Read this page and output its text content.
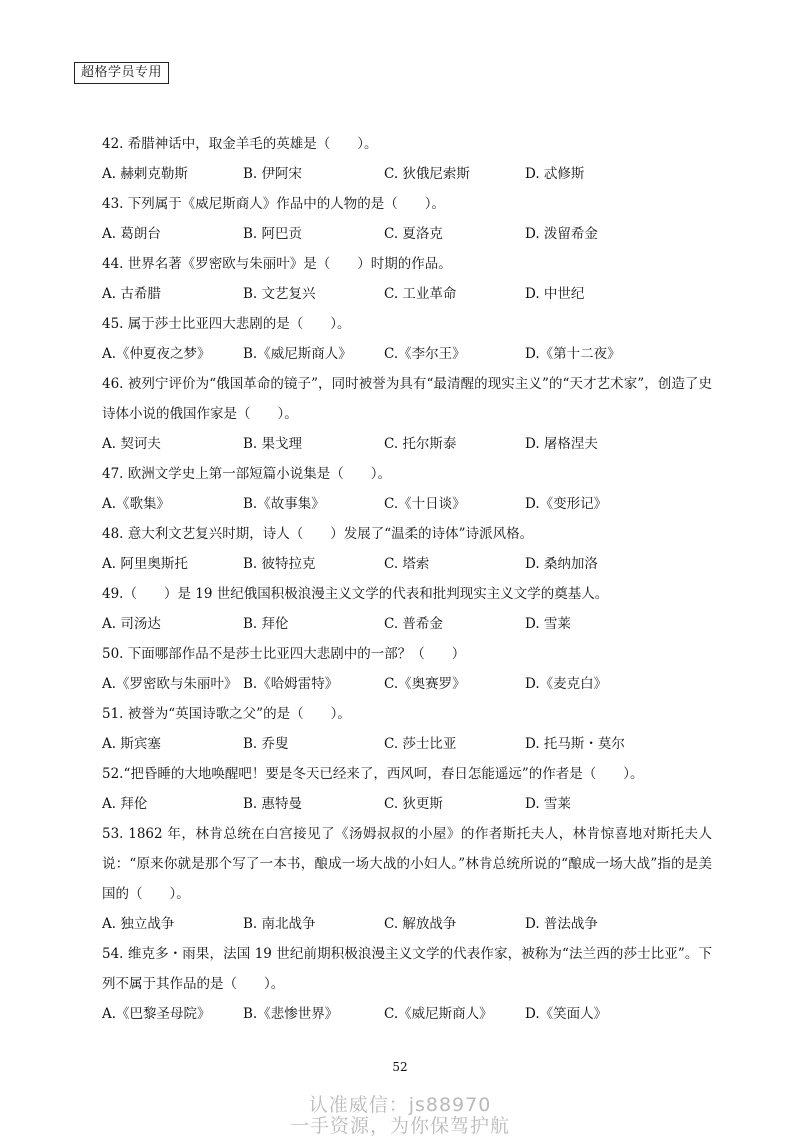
超格学员专用
42. 希腊神话中，取金羊毛的英雄是（　　）。
A. 赫剌克勒斯	B. 伊阿宋	C. 狄俄尼索斯	D. 忒修斯
43. 下列属于《威尼斯商人》作品中的人物的是（　　）。
A. 葛朗台	B. 阿巴贡	C. 夏洛克	D. 泼留希金
44. 世界名著《罗密欧与朱丽叶》是（　　）时期的作品。
A. 古希腊	B. 文艺复兴	C. 工业革命	D. 中世纪
45. 属于莎士比亚四大悲剧的是（　　）。
A.《仲夏夜之梦》	B.《威尼斯商人》	C.《李尔王》	D.《第十二夜》
46. 被列宁评价为“俄国革命的镜子”，同时被誉为具有“最清醒的现实主义”的“天才艺术家”，创造了史诗体小说的俄国作家是（　　）。
A. 契诃夫	B. 果戈理	C. 托尔斯泰	D. 屠格涅夫
47. 欧洲文学史上第一部短篇小说集是（　　）。
A.《歌集》	B.《故事集》	C.《十日谈》	D.《变形记》
48. 意大利文艺复兴时期，诗人（　　）发展了“温柔的诗体”诗派风格。
A. 阿里奥斯托	B. 彼特拉克	C. 塔索	D. 桑纳加洛
49.（　　）是 19 世纪俄国积极浪漫主义文学的代表和批判现实主义文学的奠基人。
A. 司汤达	B. 拜伦	C. 普希金	D. 雪莱
50. 下面哪部作品不是莎士比亚四大悲剧中的一部？（　　）
A.《罗密欧与朱丽叶》 B.《哈姆雷特》	C.《奥赛罗》	D.《麦克白》
51. 被誉为“英国诗歌之父”的是（　　）。
A. 斯宾塞	B. 乔叟	C. 莎士比亚	D. 托马斯・莫尔
52.“把昏睡的大地唤醒吧！要是冬天已经来了，西风呵，春日怎能遥远”的作者是（　　）。
A. 拜伦	B. 惠特曼	C. 狄更斯	D. 雪莱
53. 1862 年，林肯总统在白宫接见了《汤姆叔叔的小屋》的作者斯托夫人，林肯惊喜地对斯托夫人说：“原来你就是那个写了一本书，酿成一场大战的小妇人。”林肯总统所说的“酿成一场大战”指的是美国的（　　）。
A. 独立战争	B. 南北战争	C. 解放战争	D. 普法战争
54. 维克多・雨果，法国 19 世纪前期积极浪漫主义文学的代表作家，被称为“法兰西的莎士比亚”。下列不属于其作品的是（　　）。
A.《巴黎圣母院》	B.《悲惨世界》	C.《威尼斯商人》	D.《笑面人》
52
认准威信：js88970
一手资源，为你保驾护航
